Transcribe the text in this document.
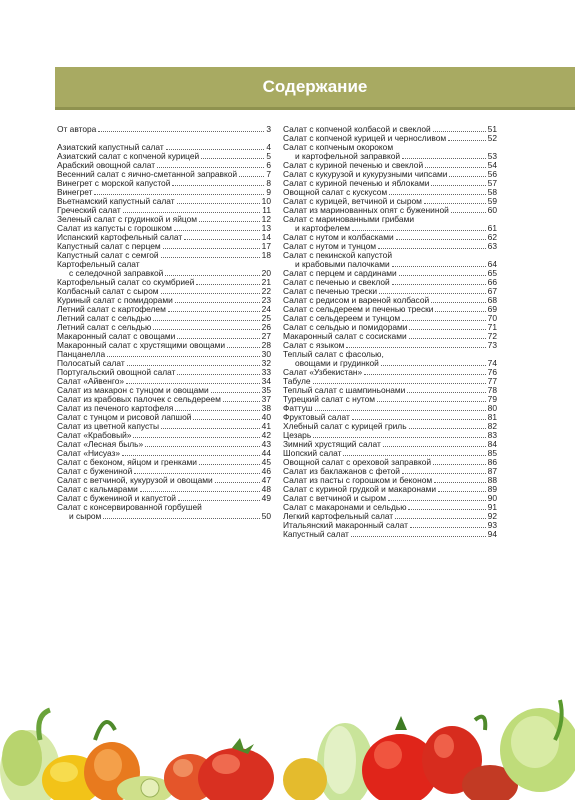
Содержание
От автора	3
Азиатский капустный салат	4
Азиатский салат с копченой курицей	5
Арабский овощной салат	6
Весенний салат с яично-сметанной заправкой	7
Винегрет с морской капустой	8
Винегрет	9
Вьетнамский капустный салат	10
Греческий салат	11
Зеленый салат с грудинкой и яйцом	12
Салат из капусты с горошком	13
Испанский картофельный салат	14
Капустный салат с перцем	17
Капустный салат с семгой	18
Картофельный салат
с селедочной заправкой	20
Картофельный салат со скумбрией	21
Колбасный салат с сыром	22
Куриный салат с помидорами	23
Летний салат с картофелем	24
Летний салат с сельдью	25
Летний салат с сельдью	26
Макаронный салат с овощами	27
Макаронный салат с хрустящими овощами	28
Панцанелла	30
Полосатый салат	32
Португальский овощной салат	33
Салат «Айвенго»	34
Салат из макарон с тунцом и овощами	35
Салат из крабовых палочек с сельдереем	37
Салат из печеного картофеля	38
Салат с тунцом и рисовой лапшой	40
Салат из цветной капусты	41
Салат «Крабовый»	42
Салат «Лесная быль»	43
Салат «Нисуаз»	44
Салат с беконом, яйцом и гренками	45
Салат с бужениной	46
Салат с ветчиной, кукурузой и овощами	47
Салат с кальмарами	48
Салат с бужениной и капустой	49
Салат с консервированной горбушей
и сыром	50
Салат с копченой колбасой и свеклой	51
Салат с копченой курицей и черносливом	52
Салат с копченым окороком
и картофельной заправкой	53
Салат с куриной печенью и свеклой	54
Салат с кукурузой и кукурузными чипсами	56
Салат с куриной печенью и яблоками	57
Овощной салат с кускусом	58
Салат с курицей, ветчиной и сыром	59
Салат из маринованных опят с бужениной	60
Салат с маринованными грибами
и картофелем	61
Салат с нутом и колбасками	62
Салат с нутом и тунцом	63
Салат с пекинской капустой
и крабовыми палочками	64
Салат с перцем и сардинами	65
Салат с печенью и свеклой	66
Салат с печенью трески	67
Салат с редисом и вареной колбасой	68
Салат с сельдереем и печенью трески	69
Салат с сельдереем и тунцом	70
Салат с сельдью и помидорами	71
Макаронный салат с сосисками	72
Салат с языком	73
Теплый салат с фасолью,
овощами и грудинкой	74
Салат «Узбекистан»	76
Табуле	77
Теплый салат с шампиньонами	78
Турецкий салат с нутом	79
Фаттуш	80
Фруктовый салат	81
Хлебный салат с курицей гриль	82
Цезарь	83
Зимний хрустящий салат	84
Шопский салат	85
Овощной салат с ореховой заправкой	86
Салат из баклажанов с фетой	87
Салат из пасты с горошком и беконом	88
Салат с куриной грудкой и макаронами	89
Салат с ветчиной и сыром	90
Салат с макаронами и сельдью	91
Легкий картофельный салат	92
Итальянский макаронный салат	93
Капустный салат	94
